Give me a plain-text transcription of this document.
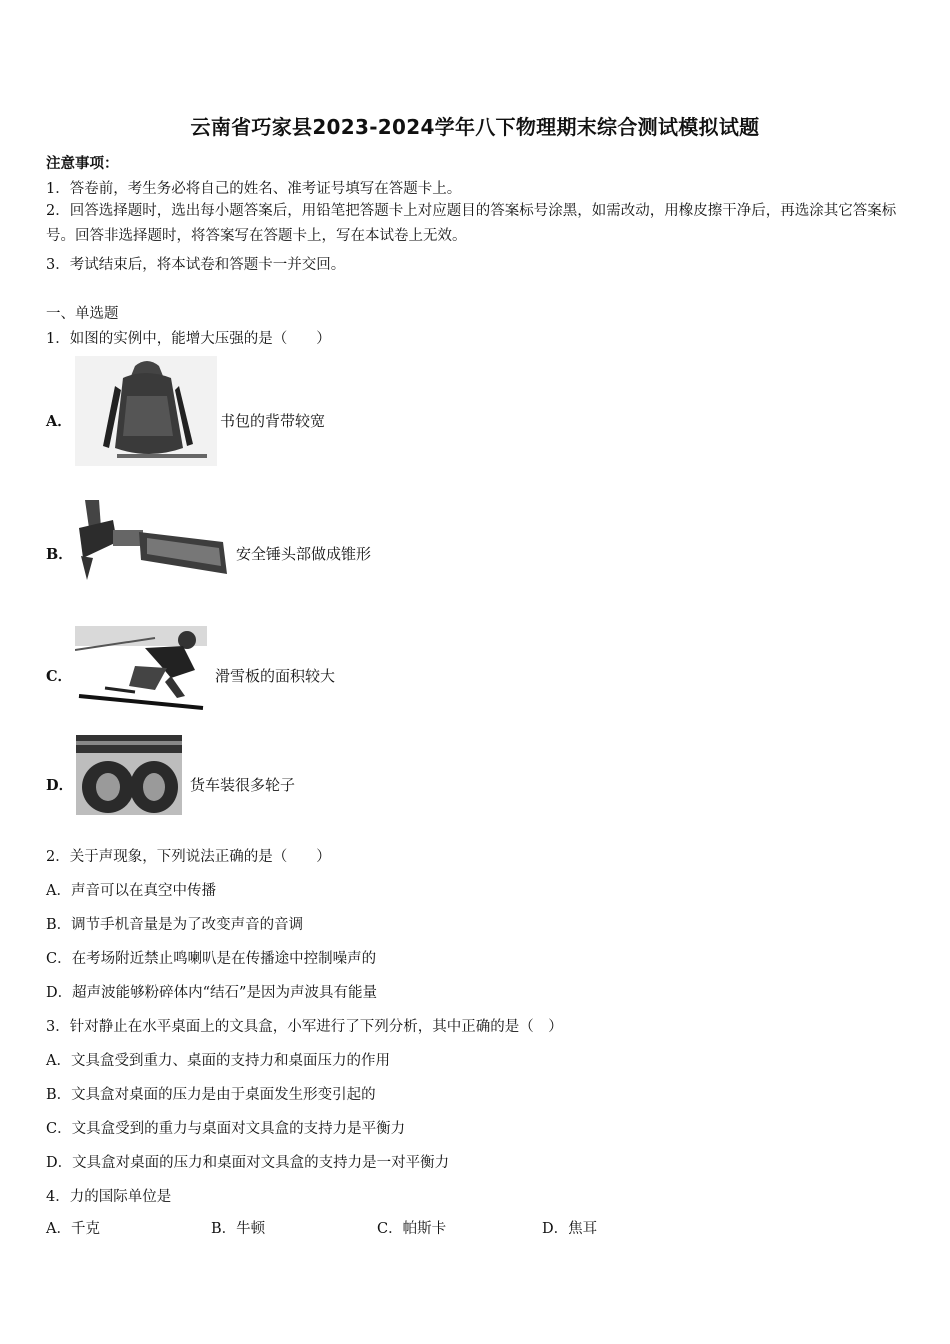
云南省巧家县2023-2024学年八下物理期末综合测试模拟试题
注意事项：
1．答卷前，考生务必将自己的姓名、准考证号填写在答题卡上。
2．回答选择题时，选出每小题答案后，用铅笔把答题卡上对应题目的答案标号涂黑，如需改动，用橡皮擦干净后，再选涂其它答案标号。回答非选择题时，将答案写在答题卡上，写在本试卷上无效。
3．考试结束后，将本试卷和答题卡一并交回。
一、单选题
1．如图的实例中，能增大压强的是（　　）
A．	书包的背带较宽
B．	安全锤头部做成锥形
C．	滑雪板的面积较大
D．	货车装很多轮子
2．关于声现象，下列说法正确的是（　　）
A．声音可以在真空中传播
B．调节手机音量是为了改变声音的音调
C．在考场附近禁止鸣喇叭是在传播途中控制噪声的
D．超声波能够粉碎体内“结石”是因为声波具有能量
3．针对静止在水平桌面上的文具盒，小军进行了下列分析，其中正确的是（　）
A．文具盒受到重力、桌面的支持力和桌面压力的作用
B．文具盒对桌面的压力是由于桌面发生形变引起的
C．文具盒受到的重力与桌面对文具盒的支持力是平衡力
D．文具盒对桌面的压力和桌面对文具盒的支持力是一对平衡力
4．力的国际单位是
A．千克	B．牛顿	C．帕斯卡	D．焦耳
